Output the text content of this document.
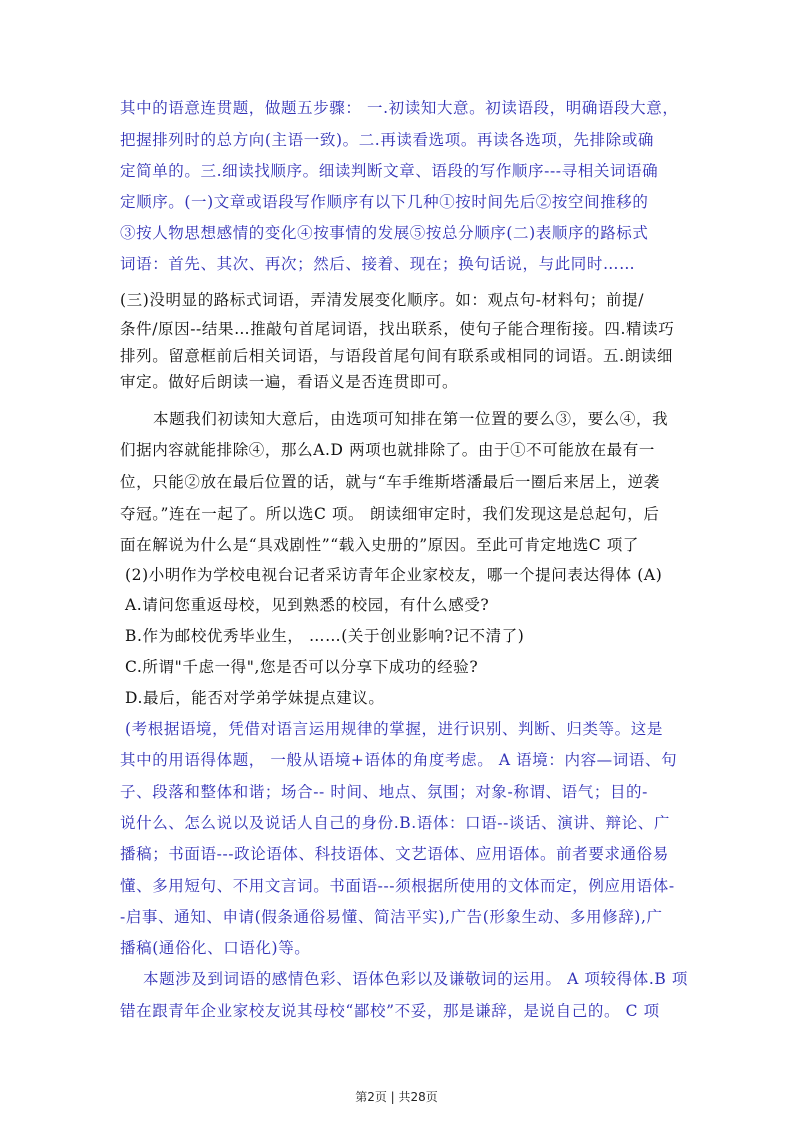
其中的语意连贯题，做题五步骤： 一.初读知大意。初读语段，明确语段大意，
把握排列时的总方向(主语一致)。二.再读看选项。再读各选项，先排除或确
定简单的。三.细读找顺序。细读判断文章、语段的写作顺序---寻相关词语确
定顺序。(一)文章或语段写作顺序有以下几种①按时间先后②按空间推移的
③按人物思想感情的变化④按事情的发展⑤按总分顺序(二)表顺序的路标式
词语：首先、其次、再次；然后、接着、现在；换句话说，与此同时……
(三)没明显的路标式词语，弄清发展变化顺序。如：观点句-材料句；前提/
条件/原因--结果…推敲句首尾词语，找出联系，使句子能合理衔接。四.精读巧
排列。留意框前后相关词语，与语段首尾句间有联系或相同的词语。五.朗读细
审定。做好后朗读一遍，看语义是否连贯即可。
本题我们初读知大意后，由选项可知排在第一位置的要么③，要么④，我
们据内容就能排除④，那么A.D 两项也就排除了。由于①不可能放在最有一
位，只能②放在最后位置的话，就与“车手维斯塔潘最后一圈后来居上，逆袭
夺冠。”连在一起了。所以选C 项。 朗读细审定时，我们发现这是总起句，后
面在解说为什么是“具戏剧性”“载入史册的”原因。至此可肯定地选C 项了
(2)小明作为学校电视台记者采访青年企业家校友，哪一个提问表达得体 (A)
A.请问您重返母校，见到熟悉的校园，有什么感受?
B.作为邮校优秀毕业生， ……(关于创业影响?记不清了)
C.所谓"千虑一得",您是否可以分享下成功的经验?
D.最后，能否对学弟学妹提点建议。
(考根据语境，凭借对语言运用规律的掌握，进行识别、判断、归类等。这是
其中的用语得体题， 一般从语境+语体的角度考虑。 A 语境：内容—词语、句
子、段落和整体和谐；场合-- 时间、地点、氛围；对象-称谓、语气；目的-
说什么、怎么说以及说话人自己的身份.B.语体：口语--谈话、演讲、辩论、广
播稿；书面语---政论语体、科技语体、文艺语体、应用语体。前者要求通俗易
懂、多用短句、不用文言词。书面语---须根据所使用的文体而定，例应用语体-
-启事、通知、申请(假条通俗易懂、简洁平实),广告(形象生动、多用修辞),广
播稿(通俗化、口语化)等。
本题涉及到词语的感情色彩、语体色彩以及谦敬词的运用。 A 项较得体.B 项
错在跟青年企业家校友说其母校“鄙校”不妥，那是谦辞，是说自己的。 C 项
第2页 | 共28页
